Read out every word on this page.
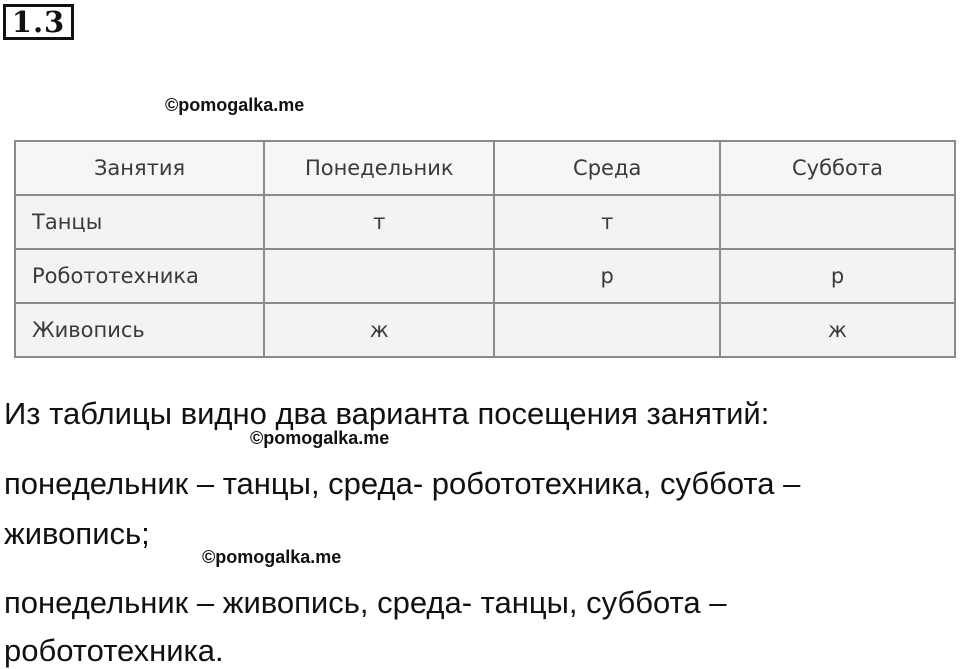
1.3
©pomogalka.me
Занятия	Понедельник	Среда	Суббота
Танцы	т	т	
Робототехника		р	р
Живопись	ж		ж

Из таблицы видно два варианта посещения занятий:

©pomogalka.me

понедельник – танцы, среда- робототехника, суббота –

живопись;

©pomogalka.me

понедельник – живопись, среда- танцы, суббота –

робототехника.
